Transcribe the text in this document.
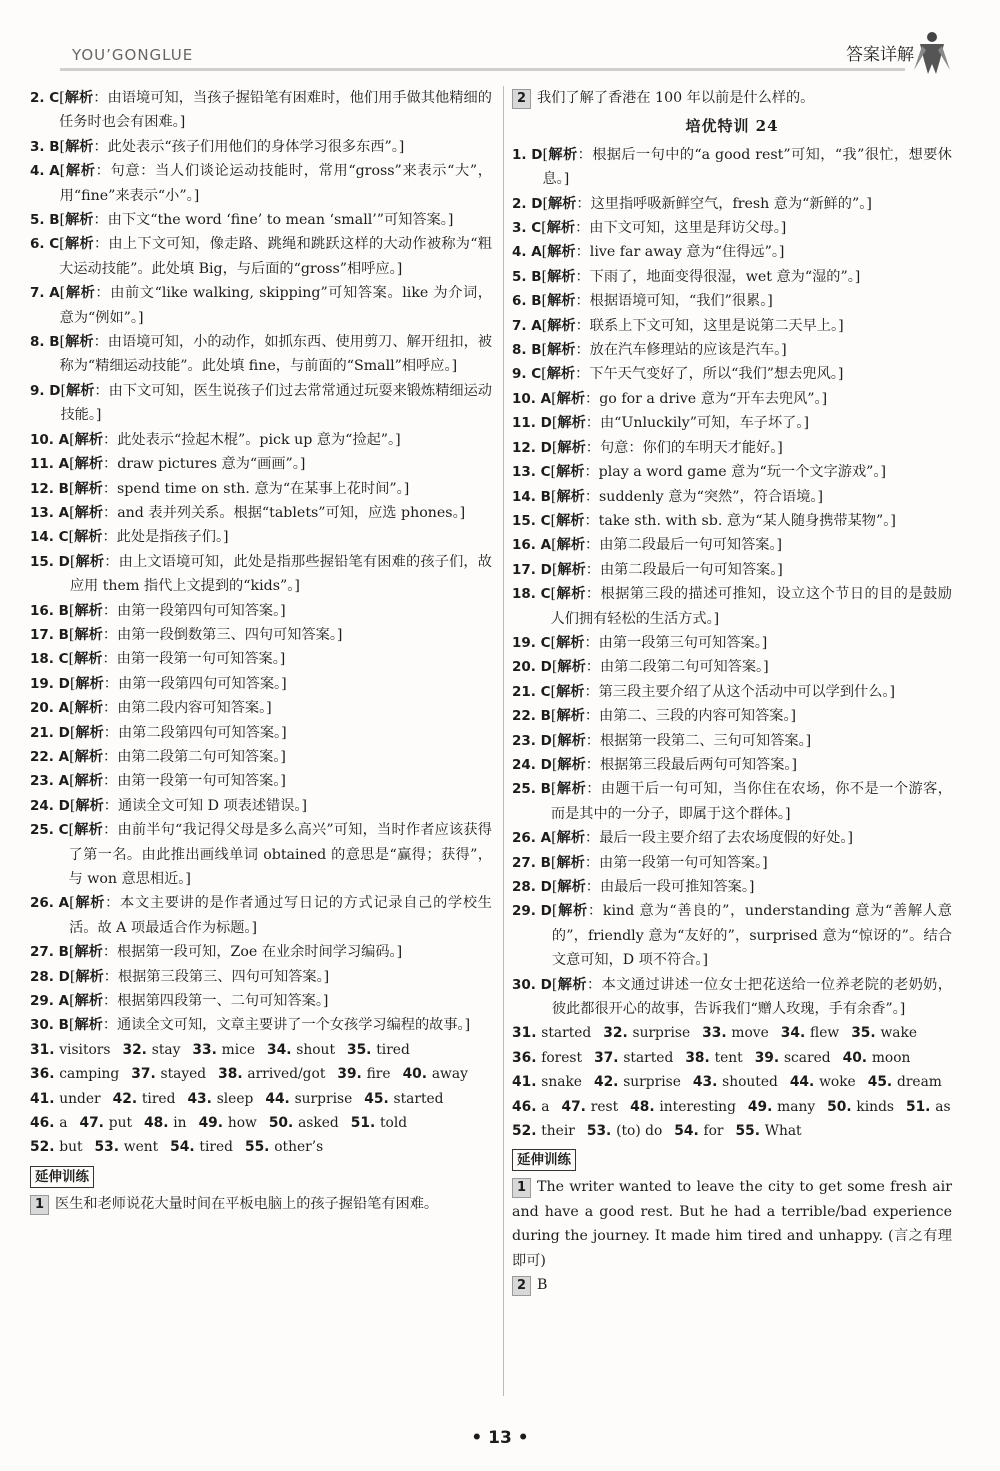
YOU’GONGLUE	答案详解
2. C [解析：由语境可知，当孩子握铅笔有困难时，他们用手做其他精细的任务时也会有困难。]
3. B [解析：此处表示“孩子们用他们的身体学习很多东西”。]
4. A [解析：句意：当人们谈论运动技能时，常用“gross”来表示“大”，用“fine”来表示“小”。]
5. B [解析：由下文“the word ‘fine’ to mean ‘small’”可知答案。]
6. C [解析：由上下文可知，像走路、跳绳和跳跃这样的大动作被称为“粗大运动技能”。此处填 Big，与后面的“gross”相呼应。]
7. A [解析：由前文“like walking, skipping”可知答案。like 为介词，意为“例如”。]
8. B [解析：由语境可知，小的动作，如抓东西、使用剪刀、解开纽扣，被称为“精细运动技能”。此处填 fine，与前面的“Small”相呼应。]
9. D [解析：由下文可知，医生说孩子们过去常常通过玩耍来锻炼精细运动技能。]
10. A [解析：此处表示“捡起木棍”。pick up 意为“捡起”。]
11. A [解析：draw pictures 意为“画画”。]
12. B [解析：spend time on sth. 意为“在某事上花时间”。]
13. A [解析：and 表并列关系。根据“tablets”可知，应选 phones。]
14. C [解析：此处是指孩子们。]
15. D [解析：由上文语境可知，此处是指那些握铅笔有困难的孩子们，故应用 them 指代上文提到的“kids”。]
16. B [解析：由第一段第四句可知答案。]
17. B [解析：由第一段倒数第三、四句可知答案。]
18. C [解析：由第一段第一句可知答案。]
19. D [解析：由第一段第四句可知答案。]
20. A [解析：由第二段内容可知答案。]
21. D [解析：由第二段第四句可知答案。]
22. A [解析：由第二段第二句可知答案。]
23. A [解析：由第一段第一句可知答案。]
24. D [解析：通读全文可知 D 项表述错误。]
25. C [解析：由前半句“我记得父母是多么高兴”可知，当时作者应该获得了第一名。由此推出画线单词 obtained 的意思是“赢得；获得”，与 won 意思相近。]
26. A [解析：本文主要讲的是作者通过写日记的方式记录自己的学校生活。故 A 项最适合作为标题。]
27. B [解析：根据第一段可知，Zoe 在业余时间学习编码。]
28. D [解析：根据第三段第三、四句可知答案。]
29. A [解析：根据第四段第一、二句可知答案。]
30. B [解析：通读全文可知，文章主要讲了一个女孩学习编程的故事。]
31. visitors 32. stay 33. mice 34. shout 35. tired
36. camping 37. stayed 38. arrived/got 39. fire 40. away
41. under 42. tired 43. sleep 44. surprise 45. started
46. a 47. put 48. in 49. how 50. asked 51. told
52. but 53. went 54. tired 55. other’s
延伸训练
1 医生和老师说花大量时间在平板电脑上的孩子握铅笔有困难。
2 我们了解了香港在 100 年以前是什么样的。
培优特训 24
1. D [解析：根据后一句中的“a good rest”可知，“我”很忙，想要休息。]
2. D [解析：这里指呼吸新鲜空气，fresh 意为“新鲜的”。]
3. C [解析：由下文可知，这里是拜访父母。]
4. A [解析：live far away 意为“住得远”。]
5. B [解析：下雨了，地面变得很湿，wet 意为“湿的”。]
6. B [解析：根据语境可知，“我们”很累。]
7. A [解析：联系上下文可知，这里是说第二天早上。]
8. B [解析：放在汽车修理站的应该是汽车。]
9. C [解析：下午天气变好了，所以“我们”想去兜风。]
10. A [解析：go for a drive 意为“开车去兜风”。]
11. D [解析：由“Unluckily”可知，车子坏了。]
12. D [解析：句意：你们的车明天才能好。]
13. C [解析：play a word game 意为“玩一个文字游戏”。]
14. B [解析：suddenly 意为“突然”，符合语境。]
15. C [解析：take sth. with sb. 意为“某人随身携带某物”。]
16. A [解析：由第二段最后一句可知答案。]
17. D [解析：由第二段最后一句可知答案。]
18. C [解析：根据第三段的描述可推知，设立这个节日的目的是鼓励人们拥有轻松的生活方式。]
19. C [解析：由第一段第三句可知答案。]
20. D [解析：由第二段第二句可知答案。]
21. C [解析：第三段主要介绍了从这个活动中可以学到什么。]
22. B [解析：由第二、三段的内容可知答案。]
23. D [解析：根据第一段第二、三句可知答案。]
24. D [解析：根据第三段最后两句可知答案。]
25. B [解析：由题干后一句可知，当你住在农场，你不是一个游客，而是其中的一分子，即属于这个群体。]
26. A [解析：最后一段主要介绍了去农场度假的好处。]
27. B [解析：由第一段第一句可知答案。]
28. D [解析：由最后一段可推知答案。]
29. D [解析：kind 意为“善良的”，understanding 意为“善解人意的”，friendly 意为“友好的”，surprised 意为“惊讶的”。结合文意可知，D 项不符合。]
30. D [解析：本文通过讲述一位女士把花送给一位养老院的老奶奶，彼此都很开心的故事，告诉我们“赠人玫瑰，手有余香”。]
31. started 32. surprise 33. move 34. flew 35. wake
36. forest 37. started 38. tent 39. scared 40. moon
41. snake 42. surprise 43. shouted 44. woke 45. dream
46. a 47. rest 48. interesting 49. many 50. kinds 51. as
52. their 53. (to) do 54. for 55. What
延伸训练
1 The writer wanted to leave the city to get some fresh air and have a good rest. But he had a terrible/bad experience during the journey. It made him tired and unhappy. (言之有理即可)
2 B
• 13 •
